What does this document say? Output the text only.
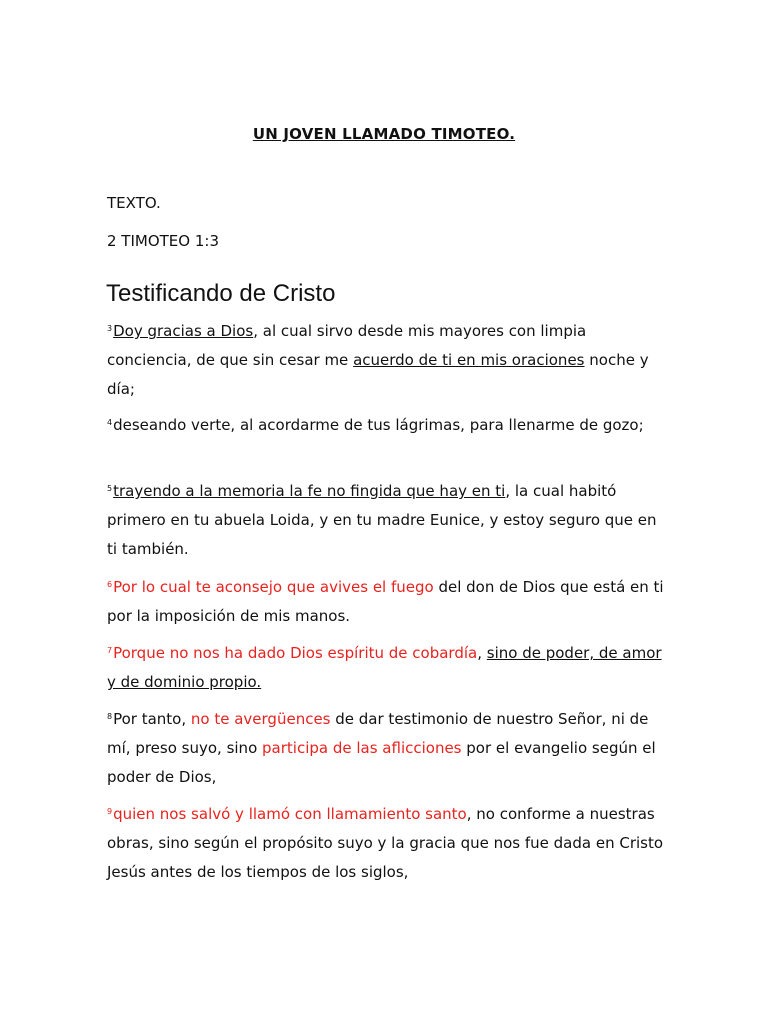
UN JOVEN LLAMADO TIMOTEO.
TEXTO.
2 TIMOTEO 1:3
Testificando de Cristo

$^3$Doy gracias a Dios, al cual sirvo desde mis mayores con limpia conciencia, de que sin cesar me acuerdo de ti en mis oraciones noche y día;

$^4$deseando verte, al acordarme de tus lágrimas, para llenarme de gozo;

$^5$trayendo a la memoria la fe no fingida que hay en ti, la cual habitó primero en tu abuela Loida, y en tu madre Eunice, y estoy seguro que en ti también.

$^6$Por lo cual te aconsejo que avives el fuego del don de Dios que está en ti por la imposición de mis manos.

$^7$Porque no nos ha dado Dios espíritu de cobardía, sino de poder, de amor y de dominio propio.

$^8$Por tanto, no te avergüences de dar testimonio de nuestro Señor, ni de mí, preso suyo, sino participa de las aflicciones por el evangelio según el poder de Dios,

$^9$quien nos salvó y llamó con llamamiento santo, no conforme a nuestras obras, sino según el propósito suyo y la gracia que nos fue dada en Cristo Jesús antes de los tiempos de los siglos,
